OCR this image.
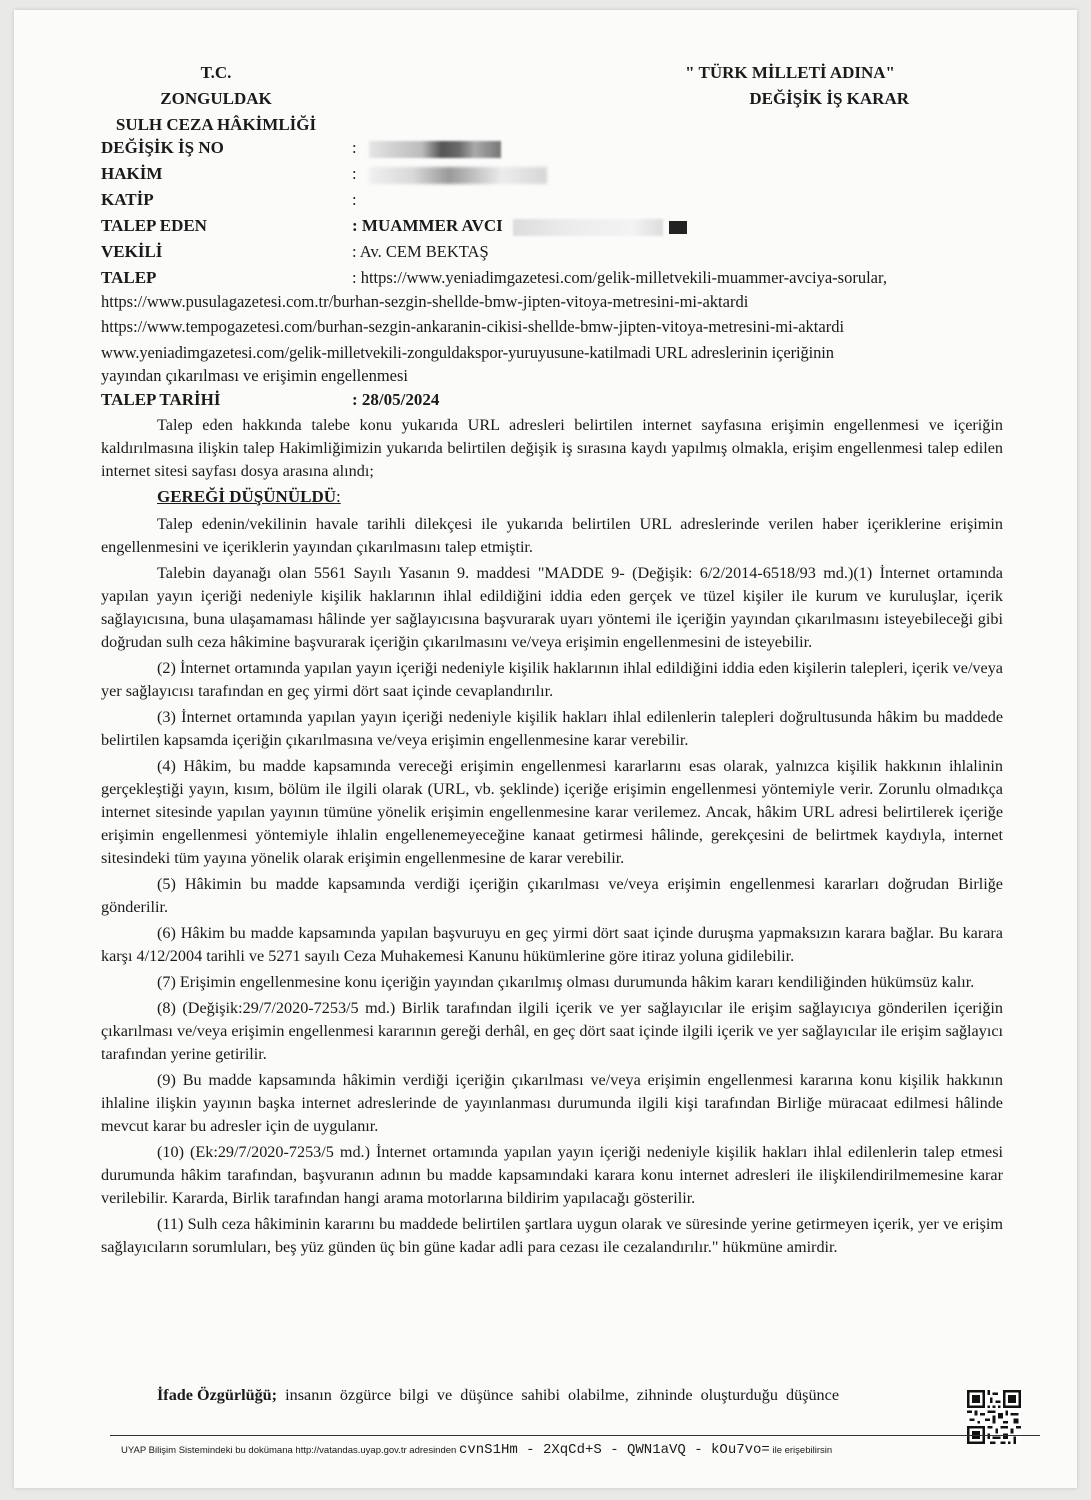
T.C.
ZONGULDAK
SULH CEZA HÂKİMLİĞİ
" TÜRK MİLLETİ ADINA"
DEĞİŞİK İŞ KARAR
DEĞİŞİK İŞ NO	:
HAKİM	:
KATİP	:
TALEP EDEN	: MUAMMER AVCI
VEKİLİ	: Av. CEM BEKTAŞ
TALEP	: https://www.yeniadimgazetesi.com/gelik-milletvekili-muammer-avciya-sorular,
https://www.pusulagazetesi.com.tr/burhan-sezgin-shellde-bmw-jipten-vitoya-metresini-mi-aktardi
https://www.tempogazetesi.com/burhan-sezgin-ankaranin-cikisi-shellde-bmw-jipten-vitoya-metresini-mi-aktardi
www.yeniadimgazetesi.com/gelik-milletvekili-zonguldakspor-yuruyusune-katilmadi URL adreslerinin içeriğinin
yayından çıkarılması ve erişimin engellenmesi
TALEP TARİHİ	: 28/05/2024

Talep eden hakkında talebe konu yukarıda URL adresleri belirtilen internet sayfasına erişimin engellenmesi ve içeriğin kaldırılmasına ilişkin talep Hakimliğimizin yukarıda belirtilen değişik iş sırasına kaydı yapılmış olmakla, erişim engellenmesi talep edilen internet sitesi sayfası dosya arasına alındı;

GEREĞİ DÜŞÜNÜLDÜ:

Talep edenin/vekilinin havale tarihli dilekçesi ile yukarıda belirtilen URL adreslerinde verilen haber içeriklerine erişimin engellenmesini ve içeriklerin yayından çıkarılmasını talep etmiştir.

Talebin dayanağı olan 5561 Sayılı Yasanın 9. maddesi "MADDE 9- (Değişik: 6/2/2014-6518/93 md.)(1) İnternet ortamında yapılan yayın içeriği nedeniyle kişilik haklarının ihlal edildiğini iddia eden gerçek ve tüzel kişiler ile kurum ve kuruluşlar, içerik sağlayıcısına, buna ulaşamaması hâlinde yer sağlayıcısına başvurarak uyarı yöntemi ile içeriğin yayından çıkarılmasını isteyebileceği gibi doğrudan sulh ceza hâkimine başvurarak içeriğin çıkarılmasını ve/veya erişimin engellenmesini de isteyebilir.

(2) İnternet ortamında yapılan yayın içeriği nedeniyle kişilik haklarının ihlal edildiğini iddia eden kişilerin talepleri, içerik ve/veya yer sağlayıcısı tarafından en geç yirmi dört saat içinde cevaplandırılır.

(3) İnternet ortamında yapılan yayın içeriği nedeniyle kişilik hakları ihlal edilenlerin talepleri doğrultusunda hâkim bu maddede belirtilen kapsamda içeriğin çıkarılmasına ve/veya erişimin engellenmesine karar verebilir.

(4) Hâkim, bu madde kapsamında vereceği erişimin engellenmesi kararlarını esas olarak, yalnızca kişilik hakkının ihlalinin gerçekleştiği yayın, kısım, bölüm ile ilgili olarak (URL, vb. şeklinde) içeriğe erişimin engellenmesi yöntemiyle verir. Zorunlu olmadıkça internet sitesinde yapılan yayının tümüne yönelik erişimin engellenmesine karar verilemez. Ancak, hâkim URL adresi belirtilerek içeriğe erişimin engellenmesi yöntemiyle ihlalin engellenemeyeceğine kanaat getirmesi hâlinde, gerekçesini de belirtmek kaydıyla, internet sitesindeki tüm yayına yönelik olarak erişimin engellenmesine de karar verebilir.

(5) Hâkimin bu madde kapsamında verdiği içeriğin çıkarılması ve/veya erişimin engellenmesi kararları doğrudan Birliğe gönderilir.

(6) Hâkim bu madde kapsamında yapılan başvuruyu en geç yirmi dört saat içinde duruşma yapmaksızın karara bağlar. Bu karara karşı 4/12/2004 tarihli ve 5271 sayılı Ceza Muhakemesi Kanunu hükümlerine göre itiraz yoluna gidilebilir.

(7) Erişimin engellenmesine konu içeriğin yayından çıkarılmış olması durumunda hâkim kararı kendiliğinden hükümsüz kalır.

(8) (Değişik:29/7/2020-7253/5 md.) Birlik tarafından ilgili içerik ve yer sağlayıcılar ile erişim sağlayıcıya gönderilen içeriğin çıkarılması ve/veya erişimin engellenmesi kararının gereği derhâl, en geç dört saat içinde ilgili içerik ve yer sağlayıcılar ile erişim sağlayıcı tarafından yerine getirilir.

(9) Bu madde kapsamında hâkimin verdiği içeriğin çıkarılması ve/veya erişimin engellenmesi kararına konu kişilik hakkının ihlaline ilişkin yayının başka internet adreslerinde de yayınlanması durumunda ilgili kişi tarafından Birliğe müracaat edilmesi hâlinde mevcut karar bu adresler için de uygulanır.

(10) (Ek:29/7/2020-7253/5 md.) İnternet ortamında yapılan yayın içeriği nedeniyle kişilik hakları ihlal edilenlerin talep etmesi durumunda hâkim tarafından, başvuranın adının bu madde kapsamındaki karara konu internet adresleri ile ilişkilendirilmemesine karar verilebilir. Kararda, Birlik tarafından hangi arama motorlarına bildirim yapılacağı gösterilir.

(11) Sulh ceza hâkiminin kararını bu maddede belirtilen şartlara uygun olarak ve süresinde yerine getirmeyen içerik, yer ve erişim sağlayıcıların sorumluları, beş yüz günden üç bin güne kadar adli para cezası ile cezalandırılır." hükmüne amirdir.

İfade Özgürlüğü; insanın özgürce bilgi ve düşünce sahibi olabilme, zihninde oluşturduğu düşünce
UYAP Bilişim Sistemindeki bu dokümana http://vatandas.uyap.gov.tr adresinden cvnS1Hm - 2XqCd+S - QWN1aVQ - kOu7vo= ile erişebilirsin
